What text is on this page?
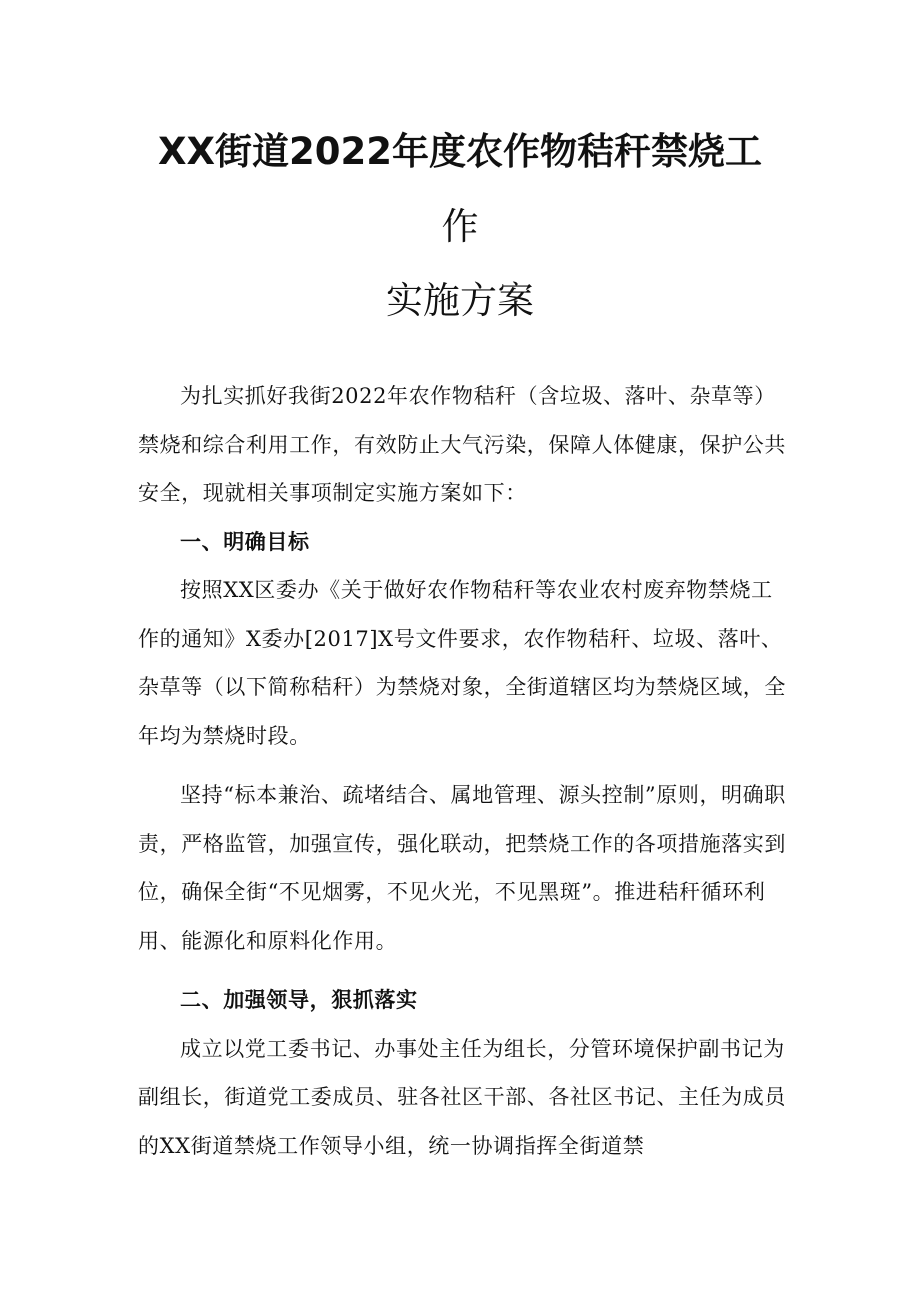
XX街道2022年度农作物秸秆禁烧工
作
实施方案

为扎实抓好我街2022年农作物秸秆（含垃圾、落叶、杂草等）禁烧和综合利用工作，有效防止大气污染，保障人体健康，保护公共安全，现就相关事项制定实施方案如下：

一、明确目标

按照XX区委办《关于做好农作物秸秆等农业农村废弃物禁烧工作的通知》X委办[2017]X号文件要求，农作物秸秆、垃圾、落叶、杂草等（以下简称秸秆）为禁烧对象，全街道辖区均为禁烧区域，全年均为禁烧时段。

坚持“标本兼治、疏堵结合、属地管理、源头控制”原则，明确职责，严格监管，加强宣传，强化联动，把禁烧工作的各项措施落实到位，确保全街“不见烟雾，不见火光，不见黑斑”。推进秸秆循环利用、能源化和原料化作用。

二、加强领导，狠抓落实

成立以党工委书记、办事处主任为组长，分管环境保护副书记为副组长，街道党工委成员、驻各社区干部、各社区书记、主任为成员的XX街道禁烧工作领导小组，统一协调指挥全街道禁
